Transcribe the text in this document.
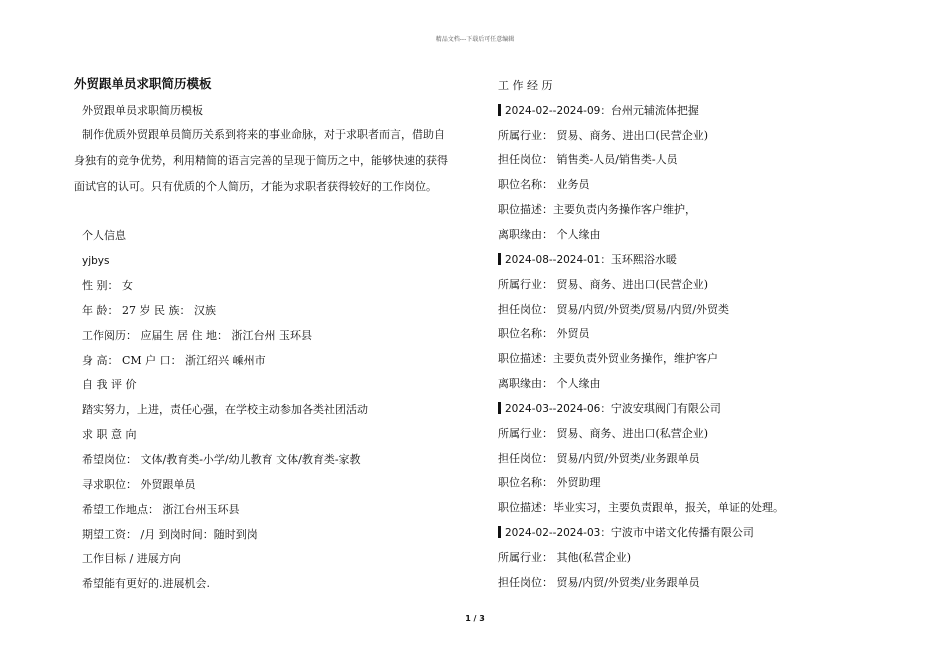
精品文档---下载后可任意编辑
外贸跟单员求职简历模板
外贸跟单员求职简历模板
制作优质外贸跟单员简历关系到将来的事业命脉，对于求职者而言，借助自
身独有的竞争优势，利用精简的语言完善的呈现于简历之中，能够快速的获得
面试官的认可。只有优质的个人简历，才能为求职者获得较好的工作岗位。
个人信息
yjbys
性 别： 女
年 龄： 27 岁 民 族： 汉族
工作阅历： 应届生 居 住 地： 浙江台州 玉环县
身 高： CM 户 口： 浙江绍兴 嵊州市
自 我 评 价
踏实努力，上进，责任心强，在学校主动参加各类社团活动
求 职 意 向
希望岗位： 文体/教育类-小学/幼儿教育 文体/教育类-家教
寻求职位： 外贸跟单员
希望工作地点： 浙江台州玉环县
期望工资： /月 到岗时间：随时到岗
工作目标 / 进展方向
希望能有更好的.进展机会.
工 作 经 历
2024-02--2024-09：台州元辅流体把握
所属行业： 贸易、商务、进出口(民营企业)
担任岗位： 销售类-人员/销售类-人员
职位名称： 业务员
职位描述：主要负责内务操作客户维护，
离职缘由： 个人缘由
2024-08--2024-01：玉环熙浴水暖
所属行业： 贸易、商务、进出口(民营企业)
担任岗位： 贸易/内贸/外贸类/贸易/内贸/外贸类
职位名称： 外贸员
职位描述：主要负责外贸业务操作，维护客户
离职缘由： 个人缘由
2024-03--2024-06：宁波安琪阀门有限公司
所属行业： 贸易、商务、进出口(私营企业)
担任岗位： 贸易/内贸/外贸类/业务跟单员
职位名称： 外贸助理
职位描述：毕业实习，主要负责跟单，报关，单证的处理。
2024-02--2024-03：宁波市中诺文化传播有限公司
所属行业： 其他(私营企业)
担任岗位： 贸易/内贸/外贸类/业务跟单员
1 / 3
